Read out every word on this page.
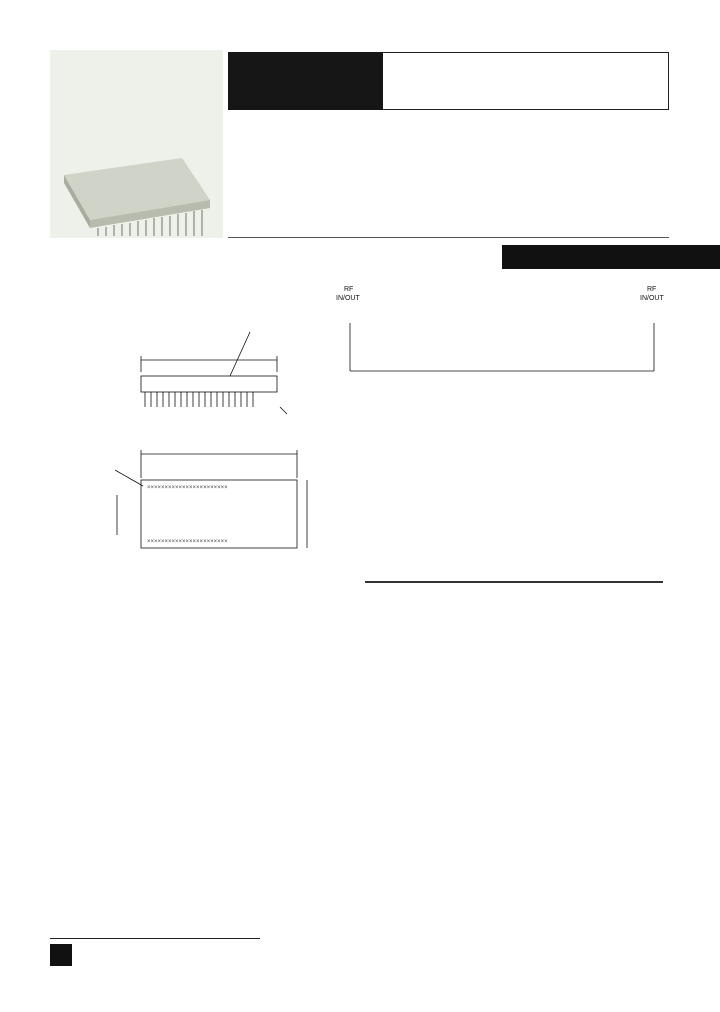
×××××××××××××××××××××××
×××××××××××××××××××××××
RF
IN/OUT
RF
IN/OUT
